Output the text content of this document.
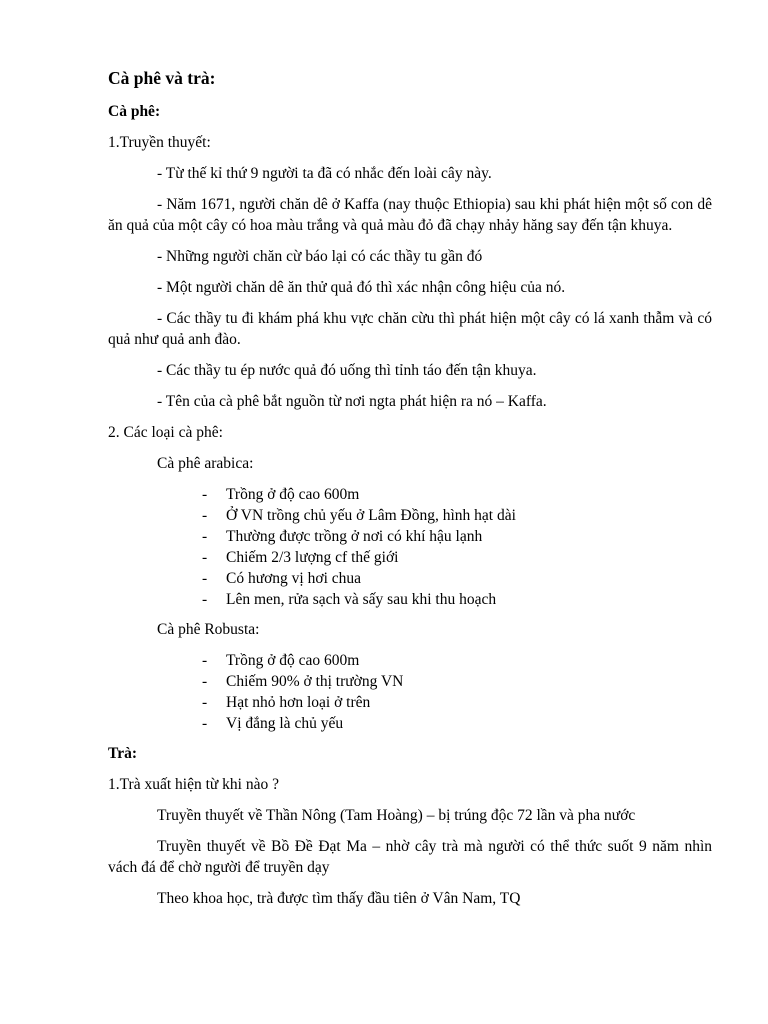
Cà phê và trà:

Cà phê:

1.Truyền thuyết:

- Từ thế kỉ thứ 9 người ta đã có nhắc đến loài cây này.

- Năm 1671, người chăn dê ở Kaffa (nay thuộc Ethiopia) sau khi phát hiện một số con dê ăn quả của một cây có hoa màu trắng và quả màu đỏ đã chạy nhảy hăng say đến tận khuya.

- Những người chăn cừ báo lại có các thầy tu gần đó

- Một người chăn dê ăn thử quả đó thì xác nhận công hiệu của nó.

- Các thầy tu đi khám phá khu vực chăn cừu thì phát hiện một cây có lá xanh thẫm và có quả như quả anh đào.

- Các thầy tu ép nước quả đó uống thì tỉnh táo đến tận khuya.

- Tên của cà phê bắt nguồn từ nơi ngta phát hiện ra nó – Kaffa.

2. Các loại cà phê:

Cà phê arabica:

- Trồng ở độ cao 600m
- Ở VN trồng chủ yếu ở Lâm Đồng, hình hạt dài
- Thường được trồng ở nơi có khí hậu lạnh
- Chiếm 2/3 lượng cf thế giới
- Có hương vị hơi chua
- Lên men, rửa sạch và sấy sau khi thu hoạch

Cà phê Robusta:

- Trồng ở độ cao 600m
- Chiếm 90% ở thị trường VN
- Hạt nhỏ hơn loại ở trên
- Vị đắng là chủ yếu

Trà:

1.Trà xuất hiện từ khi nào ?

Truyền thuyết về Thần Nông (Tam Hoàng) – bị trúng độc 72 lần và pha nước

Truyền thuyết về Bồ Đề Đạt Ma – nhờ cây trà mà người có thể thức suốt 9 năm nhìn vách đá để chờ người để truyền dạy

Theo khoa học, trà được tìm thấy đầu tiên ở Vân Nam, TQ
